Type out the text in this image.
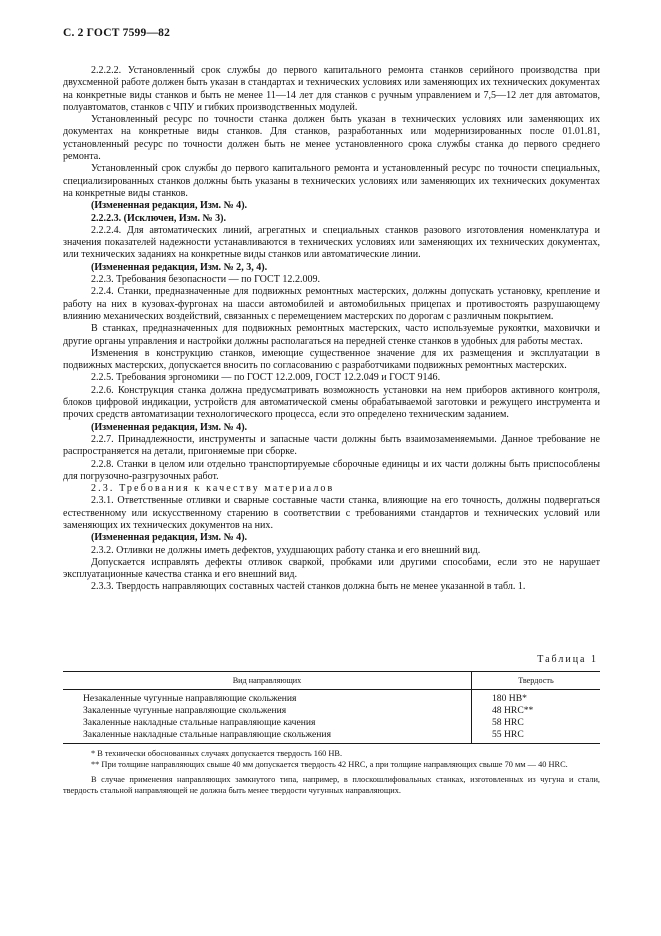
С. 2 ГОСТ 7599—82

2.2.2.2. Установленный срок службы до первого капитального ремонта станков серийного производства при двухсменной работе должен быть указан в стандартах и технических условиях или заменяющих их технических документах на конкретные виды станков и быть не менее 11—14 лет для станков с ручным управлением и 7,5—12 лет для автоматов, полуавтоматов, станков с ЧПУ и гибких производственных модулей.

Установленный ресурс по точности станка должен быть указан в технических условиях или заменяющих их документах на конкретные виды станков. Для станков, разработанных или модернизированных после 01.01.81, установленный ресурс по точности должен быть не менее установленного срока службы станка до первого среднего ремонта.

Установленный срок службы до первого капитального ремонта и установленный ресурс по точности специальных, специализированных станков должны быть указаны в технических условиях или заменяющих их технических документах на конкретные виды станков.

(Измененная редакция, Изм. № 4).

2.2.2.3. (Исключен, Изм. № 3).

2.2.2.4. Для автоматических линий, агрегатных и специальных станков разового изготовления номенклатура и значения показателей надежности устанавливаются в технических условиях или заменяющих их технических документах, или технических заданиях на конкретные виды станков или автоматические линии.

(Измененная редакция, Изм. № 2, 3, 4).

2.2.3. Требования безопасности — по ГОСТ 12.2.009.

2.2.4. Станки, предназначенные для подвижных ремонтных мастерских, должны допускать установку, крепление и работу на них в кузовах-фургонах на шасси автомобилей и автомобильных прицепах и противостоять разрушающему влиянию механических воздействий, связанных с перемещением мастерских по дорогам с различным покрытием.

В станках, предназначенных для подвижных ремонтных мастерских, часто используемые рукоятки, маховички и другие органы управления и настройки должны располагаться на передней стенке станков в удобных для работы местах.

Изменения в конструкцию станков, имеющие существенное значение для их размещения и эксплуатации в подвижных мастерских, допускается вносить по согласованию с разработчиками подвижных ремонтных мастерских.

2.2.5. Требования эргономики — по ГОСТ 12.2.009, ГОСТ 12.2.049 и ГОСТ 9146.

2.2.6. Конструкция станка должна предусматривать возможность установки на нем приборов активного контроля, блоков цифровой индикации, устройств для автоматической смены обрабатываемой заготовки и режущего инструмента и прочих средств автоматизации технологического процесса, если это определено техническим заданием.

(Измененная редакция, Изм. № 4).

2.2.7. Принадлежности, инструменты и запасные части должны быть взаимозаменяемыми. Данное требование не распространяется на детали, пригоняемые при сборке.

2.2.8. Станки в целом или отдельно транспортируемые сборочные единицы и их части должны быть приспособлены для погрузочно-разгрузочных работ.

2.3. Требования к качеству материалов

2.3.1. Ответственные отливки и сварные составные части станка, влияющие на его точность, должны подвергаться естественному или искусственному старению в соответствии с требованиями стандартов и технических условий или заменяющих их технических документов на них.

(Измененная редакция, Изм. № 4).

2.3.2. Отливки не должны иметь дефектов, ухудшающих работу станка и его внешний вид.

Допускается исправлять дефекты отливок сваркой, пробками или другими способами, если это не нарушает эксплуатационные качества станка и его внешний вид.

2.3.3. Твердость направляющих составных частей станков должна быть не менее указанной в табл. 1.

Таблица 1
Вид направляющих	Твердость
Незакаленные чугунные направляющие скольжения	180 НВ*
Закаленные чугунные направляющие скольжения	48 HRC**
Закаленные накладные стальные направляющие качения	58 HRC
Закаленные накладные стальные направляющие скольжения	55 HRC

* В технически обоснованных случаях допускается твердость 160 НВ.

** При толщине направляющих свыше 40 мм допускается твердость 42 HRC, а при толщине направляющих свыше 70 мм — 40 HRC.

В случае применения направляющих замкнутого типа, например, в плоскошлифовальных станках, изготовленных из чугуна и стали, твердость стальной направляющей не должна быть менее твердости чугунных направляющих.
